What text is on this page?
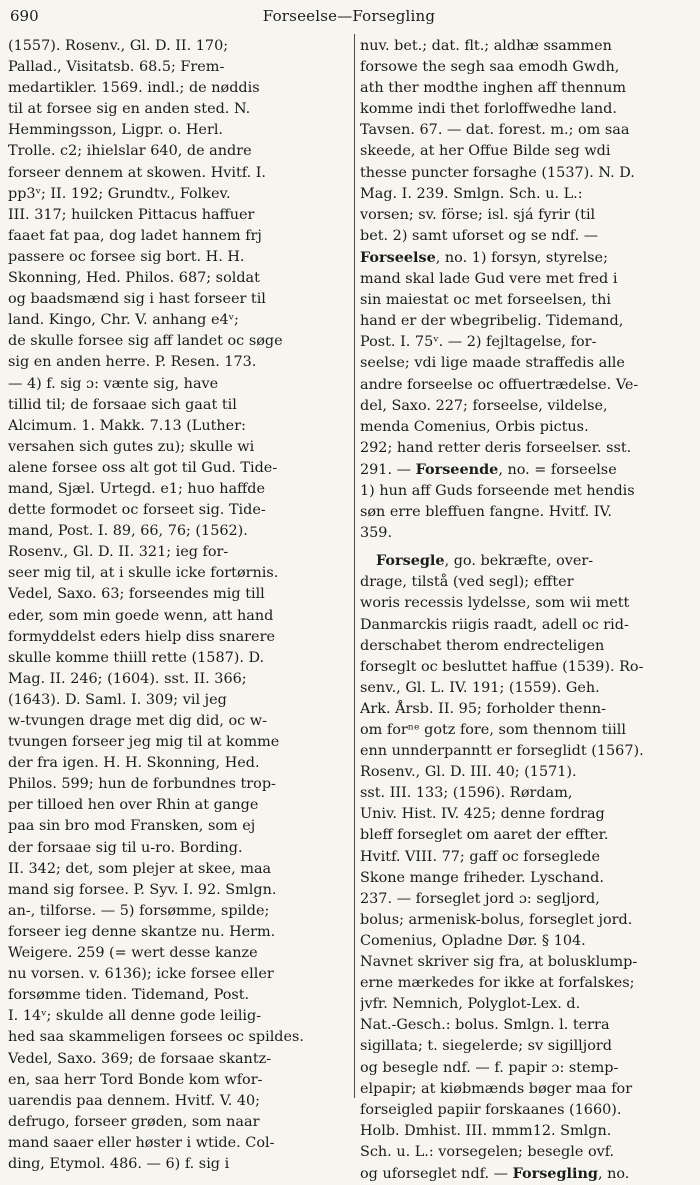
690	Forseelse—Forsegling
(1557). Rosenv., Gl. D. II. 170;
Pallad., Visitatsb. 68.5; Frem-
medartikler. 1569. indl.; de nøddis
til at forsee sig en anden sted. N.
Hemmingsson, Ligpr. o. Herl.
Trolle. c2; ihielslar 640, de andre
forseer dennem at skowen. Hvitf. I.
pp3ᵛ; II. 192; Grundtv., Folkev.
III. 317; huilcken Pittacus haffuer
faaet fat paa, dog ladet hannem frj
passere oc forsee sig bort. H. H.
Skonning, Hed. Philos. 687; soldat
og baadsmænd sig i hast forseer til
land. Kingo, Chr. V. anhang e4ᵛ;
de skulle forsee sig aff landet oc søge
sig en anden herre. P. Resen. 173.
— 4) f. sig ɔ: vænte sig, have
tillid til; de forsaae sich gaat til
Alcimum. 1. Makk. 7.13 (Luther:
versahen sich gutes zu); skulle wi
alene forsee oss alt got til Gud. Tide-
mand, Sjæl. Urtegd. e1; huo haffde
dette formodet oc forseet sig. Tide-
mand, Post. I. 89, 66, 76; (1562).
Rosenv., Gl. D. II. 321; ieg for-
seer mig til, at i skulle icke fortørnis.
Vedel, Saxo. 63; forseendes mig till
eder, som min goede wenn, att hand
formyddelst eders hielp diss snarere
skulle komme thiill rette (1587). D.
Mag. II. 246; (1604). sst. II. 366;
(1643). D. Saml. I. 309; vil jeg
w-tvungen drage met dig did, oc w-
tvungen forseer jeg mig til at komme
der fra igen. H. H. Skonning, Hed.
Philos. 599; hun de forbundnes trop-
per tilloed hen over Rhin at gange
paa sin bro mod Fransken, som ej
der forsaae sig til u-ro. Bording.
II. 342; det, som plejer at skee, maa
mand sig forsee. P. Syv. I. 92. Smlgn.
an-, tilforse. — 5) forsømme, spilde;
forseer ieg denne skantze nu. Herm.
Weigere. 259 (= wert desse kanze
nu vorsen. v. 6136); icke forsee eller
forsømme tiden. Tidemand, Post.
I. 14ᵛ; skulde all denne gode leilig-
hed saa skammeligen forsees oc spildes.
Vedel, Saxo. 369; de forsaae skantz-
en, saa herr Tord Bonde kom wfor-
uarendis paa dennem. Hvitf. V. 40;
defrugo, forseer grøden, som naar
mand saaer eller høster i wtide. Col-
ding, Etymol. 486. — 6) f. sig i
nuv. bet.; dat. flt.; aldhæ ssammen
forsowe the segh saa emodh Gwdh,
ath ther modthe inghen aff thennum
komme indi thet forloffwedhe land.
Tavsen. 67. — dat. forest. m.; om saa
skeede, at her Offue Bilde seg wdi
thesse puncter forsaghe (1537). N. D.
Mag. I. 239. Smlgn. Sch. u. L.:
vorsen; sv. förse; isl. sjá fyrir (til
bet. 2) samt uforset og se ndf. —
Forseelse, no. 1) forsyn, styrelse;
mand skal lade Gud vere met fred i
sin maiestat oc met forseelsen, thi
hand er der wbegribelig. Tidemand,
Post. I. 75ᵛ. — 2) fejltagelse, for-
seelse; vdi lige maade straffedis alle
andre forseelse oc offuertrædelse. Ve-
del, Saxo. 227; forseelse, vildelse,
menda Comenius, Orbis pictus.
292; hand retter deris forseelser. sst.
291. — Forseende, no. = forseelse
1) hun aff Guds forseende met hendis
søn erre bleffuen fangne. Hvitf. IV.
359.
Forsegle, go. bekræfte, over-
drage, tilstå (ved segl); effter
woris recessis lydelsse, som wii mett
Danmarckis riigis raadt, adell oc rid-
derschabet therom endrecteligen
forseglt oc besluttet haffue (1539). Ro-
senv., Gl. L. IV. 191; (1559). Geh.
Ark. Årsb. II. 95; forholder thenn-
om forⁿᵉ gotz fore, som thennom tiill
enn unnderpanntt er forseglidt (1567).
Rosenv., Gl. D. III. 40; (1571).
sst. III. 133; (1596). Rørdam,
Univ. Hist. IV. 425; denne fordrag
bleff forseglet om aaret der effter.
Hvitf. VIII. 77; gaff oc forseglede
Skone mange friheder. Lyschand.
237. — forseglet jord ɔ: segljord,
bolus; armenisk-bolus, forseglet jord.
Comenius, Opladne Dør. § 104.
Navnet skriver sig fra, at bolusklump-
erne mærkedes for ikke at forfalskes;
jvfr. Nemnich, Polyglot-Lex. d.
Nat.-Gesch.: bolus. Smlgn. l. terra
sigillata; t. siegelerde; sv sigilljord
og besegle ndf. — f. papir ɔ: stemp-
elpapir; at kiøbmænds bøger maa for
forseigled papiir forskaanes (1660).
Holb. Dmhist. III. mmm12. Smlgn.
Sch. u. L.: vorsegelen; besegle ovf.
og uforseglet ndf. — Forsegling, no.
